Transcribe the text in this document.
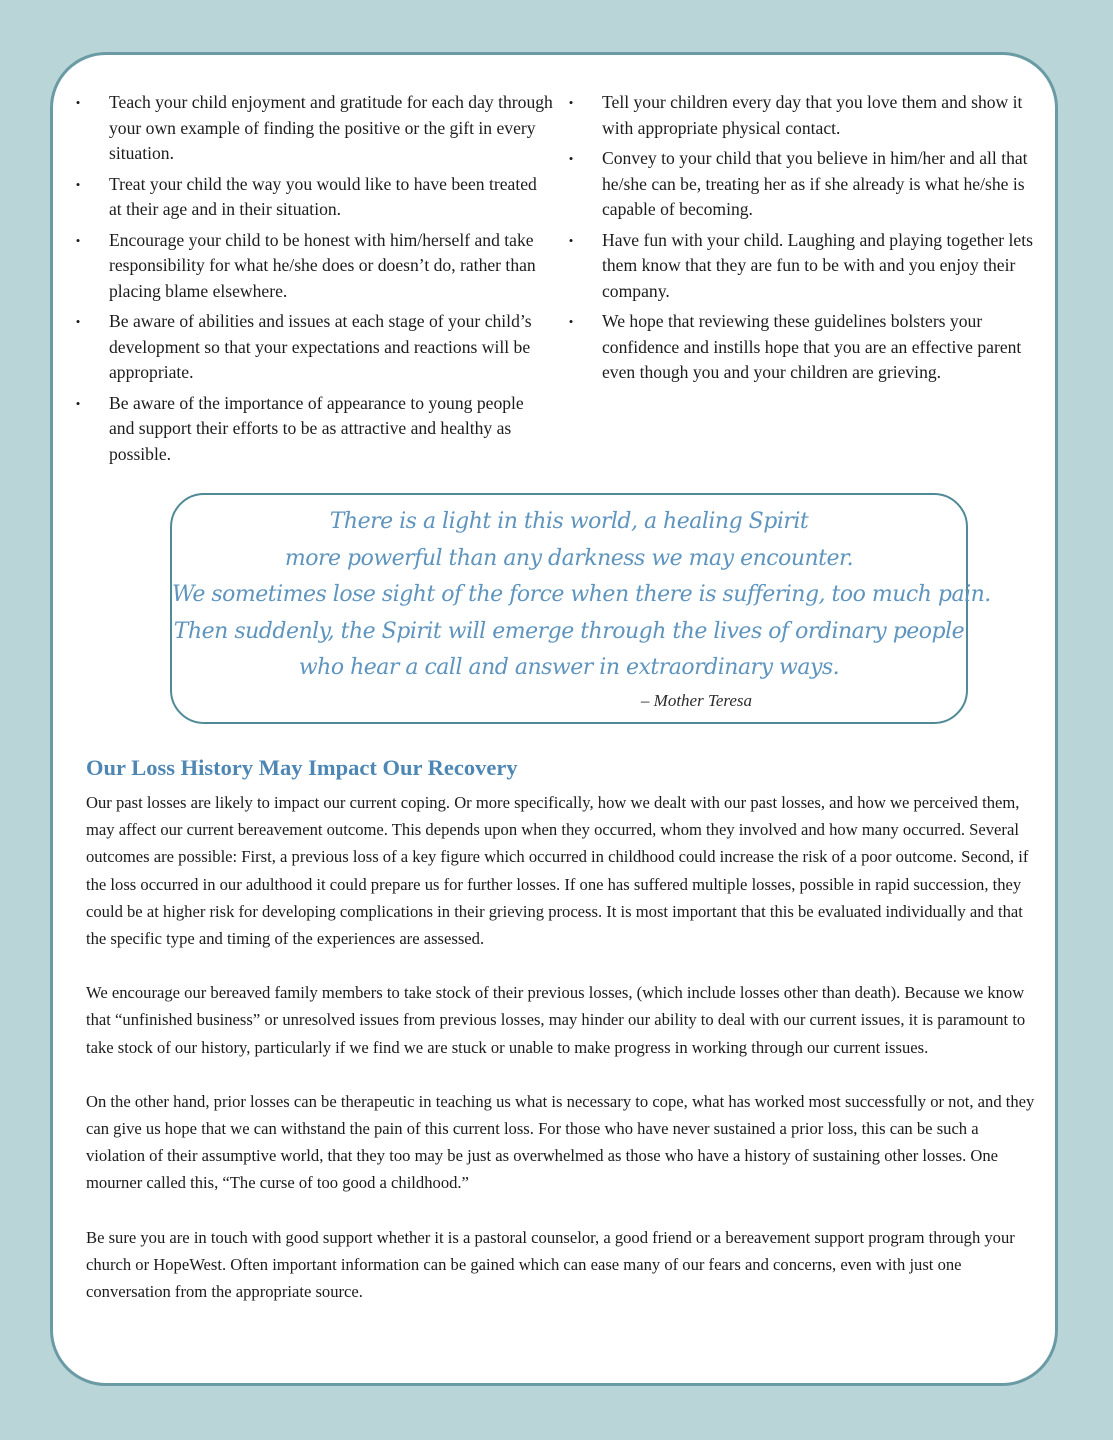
• Teach your child enjoyment and gratitude for each day through your own example of finding the positive or the gift in every situation.
• Treat your child the way you would like to have been treated at their age and in their situation.
• Encourage your child to be honest with him/herself and take responsibility for what he/she does or doesn’t do, rather than placing blame elsewhere.
• Be aware of abilities and issues at each stage of your child’s development so that your expectations and reactions will be appropriate.
• Be aware of the importance of appearance to young people and support their efforts to be as attractive and healthy as possible.
• Tell your children every day that you love them and show it with appropriate physical contact.
• Convey to your child that you believe in him/her and all that he/she can be, treating her as if she already is what he/she is capable of becoming.
• Have fun with your child. Laughing and playing together lets them know that they are fun to be with and you enjoy their company.
• We hope that reviewing these guidelines bolsters your confidence and instills hope that you are an effective parent even though you and your children are grieving.
There is a light in this world, a healing Spirit
more powerful than any darkness we may encounter.
We sometimes lose sight of the force when there is suffering, too much pain.
Then suddenly, the Spirit will emerge through the lives of ordinary people
who hear a call and answer in extraordinary ways.
– Mother Teresa
Our Loss History May Impact Our Recovery

Our past losses are likely to impact our current coping. Or more specifically, how we dealt with our past losses, and how we perceived them, may affect our current bereavement outcome. This depends upon when they occurred, whom they involved and how many occurred. Several outcomes are possible: First, a previous loss of a key figure which occurred in childhood could increase the risk of a poor outcome. Second, if the loss occurred in our adulthood it could prepare us for further losses. If one has suffered multiple losses, possible in rapid succession, they could be at higher risk for developing complications in their grieving process. It is most important that this be evaluated individually and that the specific type and timing of the experiences are assessed.

We encourage our bereaved family members to take stock of their previous losses, (which include losses other than death). Because we know that “unfinished business” or unresolved issues from previous losses, may hinder our ability to deal with our current issues, it is paramount to take stock of our history, particularly if we find we are stuck or unable to make progress in working through our current issues.

On the other hand, prior losses can be therapeutic in teaching us what is necessary to cope, what has worked most successfully or not, and they can give us hope that we can withstand the pain of this current loss. For those who have never sustained a prior loss, this can be such a violation of their assumptive world, that they too may be just as overwhelmed as those who have a history of sustaining other losses. One mourner called this, “The curse of too good a childhood.”

Be sure you are in touch with good support whether it is a pastoral counselor, a good friend or a bereavement support program through your church or HopeWest. Often important information can be gained which can ease many of our fears and concerns, even with just one conversation from the appropriate source.
